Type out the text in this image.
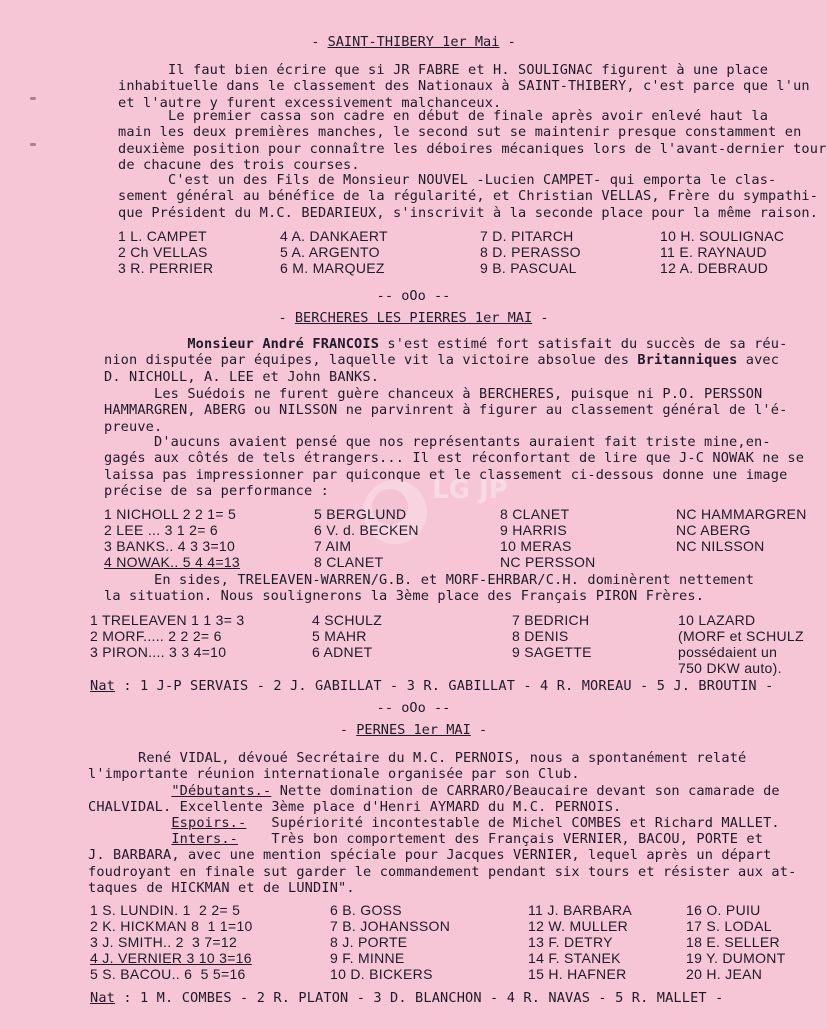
- SAINT-THIBERY 1er Mai -
Il faut bien écrire que si JR FABRE et H. SOULIGNAC figurent à une place
inhabituelle dans le classement des Nationaux à SAINT-THIBERY, c'est parce que l'un
et l'autre y furent excessivement malchanceux.
Le premier cassa son cadre en début de finale après avoir enlevé haut la
main les deux premières manches, le second sut se maintenir presque constamment en
deuxième position pour connaître les déboires mécaniques lors de l'avant-dernier tour
de chacune des trois courses.
C'est un des Fils de Monsieur NOUVEL -Lucien CAMPET- qui emporta le clas-
sement général au bénéfice de la régularité, et Christian VELLAS, Frère du sympathi-
que Président du M.C. BEDARIEUX, s'inscrivit à la seconde place pour la même raison.
1 L. CAMPET
2 Ch VELLAS
3 R. PERRIER
4 A. DANKAERT
5 A. ARGENTO
6 M. MARQUEZ
7 D. PITARCH
8 D. PERASSO
9 B. PASCUAL
10 H. SOULIGNAC
11 E. RAYNAUD
12 A. DEBRAUD
-- oOo --
- BERCHERES LES PIERRES 1er MAI -
Monsieur André FRANCOIS s'est estimé fort satisfait du succès de sa réu-
nion disputée par équipes, laquelle vit la victoire absolue des Britanniques avec
D. NICHOLL, A. LEE et John BANKS.
Les Suédois ne furent guère chanceux à BERCHERES, puisque ni P.O. PERSSON
HAMMARGREN, ABERG ou NILSSON ne parvinrent à figurer au classement général de l'é-
preuve.
D'aucuns avaient pensé que nos représentants auraient fait triste mine,en-
gagés aux côtés de tels étrangers... Il est réconfortant de lire que J-C NOWAK ne se
laissa pas impressionner par quiconque et le classement ci-dessous donne une image
précise de sa performance :	LG JP
1 NICHOLL 2 2 1= 5
2 LEE ... 3 1 2= 6
3 BANKS.. 4 3 3=10
4 NOWAK.. 5 4 4=13
5 BERGLUND
6 V. d. BECKEN
7 AIM
8 CLANET
8 CLANET
9 HARRIS
10 MERAS
NC PERSSON
NC HAMMARGREN
NC ABERG
NC NILSSON
En sides, TRELEAVEN-WARREN/G.B. et MORF-EHRBAR/C.H. dominèrent nettement
la situation. Nous soulignerons la 3ème place des Français PIRON Frères.
1 TRELEAVEN 1 1 3= 3
2 MORF..... 2 2 2= 6
3 PIRON.... 3 3 4=10
4 SCHULZ
5 MAHR
6 ADNET
7 BEDRICH
8 DENIS
9 SAGETTE
10 LAZARD
(MORF et SCHULZ
possédaient un
750 DKW auto).
Nat : 1 J-P SERVAIS - 2 J. GABILLAT - 3 R. GABILLAT - 4 R. MOREAU - 5 J. BROUTIN -
-- oOo --
- PERNES 1er MAI -
René VIDAL, dévoué Secrétaire du M.C. PERNOIS, nous a spontanément relaté
l'importante réunion internationale organisée par son Club.
"Débutants.- Nette domination de CARRARO/Beaucaire devant son camarade de
CHALVIDAL. Excellente 3ème place d'Henri AYMARD du M.C. PERNOIS.
Espoirs.-   Supériorité incontestable de Michel COMBES et Richard MALLET.
Inters.-    Très bon comportement des Français VERNIER, BACOU, PORTE et
J. BARBARA, avec une mention spéciale pour Jacques VERNIER, lequel après un départ
foudroyant en finale sut garder le commandement pendant six tours et résister aux at-
taques de HICKMAN et de LUNDIN".
1 S. LUNDIN. 1  2 2= 5
2 K. HICKMAN 8  1 1=10
3 J. SMITH.. 2  3 7=12
4 J. VERNIER 3 10 3=16
5 S. BACOU.. 6  5 5=16
6 B. GOSS
7 B. JOHANSSON
8 J. PORTE
9 F. MINNE
10 D. BICKERS
11 J. BARBARA
12 W. MULLER
13 F. DETRY
14 F. STANEK
15 H. HAFNER
16 O. PUIU
17 S. LODAL
18 E. SELLER
19 Y. DUMONT
20 H. JEAN
Nat : 1 M. COMBES - 2 R. PLATON - 3 D. BLANCHON - 4 R. NAVAS - 5 R. MALLET -
